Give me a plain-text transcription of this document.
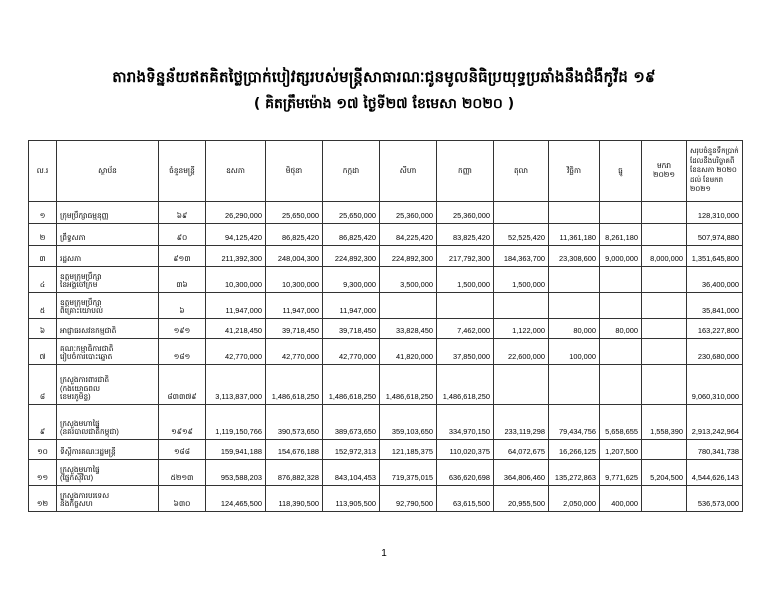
តារាងទិន្នន័យឥតគិតថ្លៃប្រាក់បៀវត្សរបស់មន្ត្រីសាធារណៈជូនមូលនិធិប្រយុទ្ធប្រឆាំងនឹងជំងឺកូវីដ ១៩
( គិតត្រឹមម៉ោង ១៧ ថ្ងៃទី២៧ ខែមេសា ២០២០ )
ល.រ	ស្ថាប័ន	ចំនួនមន្ត្រី	ឧសភា	មិថុនា	កក្កដា	សីហា	កញ្ញា	តុលា	វិច្ឆិកា	ធ្នូ	មករា ២០២១	សរុបចំនួនទឹកប្រាក់ដែលនឹងបរិច្ចាគពី ខែឧសភា ២០២០ ដល់ ខែមករា ២០២១
១	ក្រុមប្រឹក្សាធម្មនុញ្ញ	៦៩	26,290,000	25,650,000	25,650,000	25,360,000	25,360,000					128,310,000
២	ព្រឹទ្ធសភា	៩០	94,125,420	86,825,420	86,825,420	84,225,420	83,825,420	52,525,420	11,361,180	8,261,180		507,974,880
៣	រដ្ឋសភា	៩១៣	211,392,300	248,004,300	224,892,300	224,892,300	217,792,300	184,363,700	23,308,600	9,000,000	8,000,000	1,351,645,800
៤	ឧត្តមក្រុមប្រឹក្សា
នៃអង្គចៅក្រម	៣៦	10,300,000	10,300,000	9,300,000	3,500,000	1,500,000	1,500,000				36,400,000
៥	ឧត្តមក្រុមប្រឹក្សា
ពិគ្រោះយោបល់	៦	11,947,000	11,947,000	11,947,000							35,841,000
៦	អាជ្ញាធរសវនកម្មជាតិ	១៩១	41,218,450	39,718,450	39,718,450	33,828,450	7,462,000	1,122,000	80,000	80,000		163,227,800
៧	គណៈកម្មាធិការជាតិ
រៀបចំការបោះឆ្នោត	១៨១	42,770,000	42,770,000	42,770,000	41,820,000	37,850,000	22,600,000	100,000			230,680,000
៨	ក្រសួងការពារជាតិ
(កងយោធពល
ខេមរភូមិន្ទ)	៨៣៣៧៩	3,113,837,000	1,486,618,250	1,486,618,250	1,486,618,250	1,486,618,250					9,060,310,000
៩	ក្រសួងមហាផ្ទៃ
(នគរបាលជាតិកម្ពុជា)	១៩១៩	1,119,150,766	390,573,650	389,673,650	359,103,650	334,970,150	233,119,298	79,434,756	5,658,655	1,558,390	2,913,242,964
១០	ទីស្តីការគណៈរដ្ឋមន្ត្រី	១៨៨	159,941,188	154,676,188	152,972,313	121,185,375	110,020,375	64,072,675	16,266,125	1,207,500		780,341,738
១១	ក្រសួងមហាផ្ទៃ
(ផ្នែកស៊ីវិល)	៥២១៣	953,588,203	876,882,328	843,104,453	719,375,015	636,620,698	364,806,460	135,272,863	9,771,625	5,204,500	4,544,626,143
១២	ក្រសួងការបរទេស
និងកិច្ចសហ	៦៣០	124,465,500	118,390,500	113,905,500	92,790,500	63,615,500	20,955,500	2,050,000	400,000		536,573,000
1
